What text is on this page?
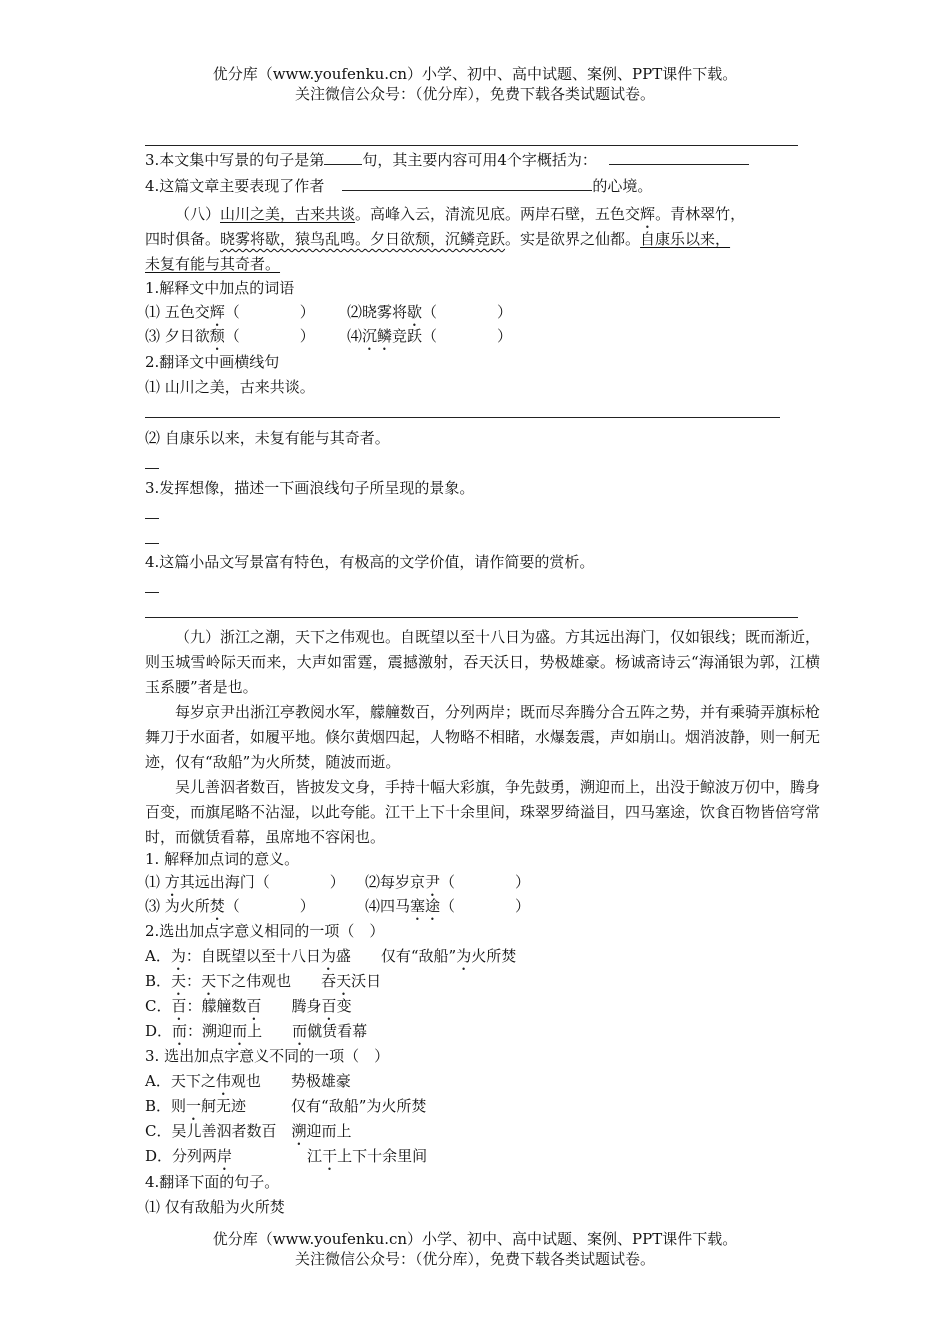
优分库（www.youfenku.cn）小学、初中、高中试题、案例、PPT课件下载。
关注微信公众号：（优分库），免费下载各类试题试卷。
3.本文集中写景的句子是第	句，其主要内容可用4个字概括为：
4.这篇文章主要表现了作者	的心境。
（八）山川之美，古来共谈。高峰入云，清流见底。两岸石壁，五色交辉。青林翠竹，
四时俱备。晓雾将歇，猿鸟乱鸣。夕日欲颓，沉鳞竞跃。实是欲界之仙都。自康乐以来，
未复有能与其奇者。
1.解释文中加点的词语
⑴ 五色交辉（　　　　） ⑵晓雾将歇（　　　　）
⑶ 夕日欲颓（　　　　） ⑷沉鳞竞跃（　　　　）
2.翻译文中画横线句
⑴ 山川之美，古来共谈。
⑵ 自康乐以来，未复有能与其奇者。
3.发挥想像，描述一下画浪线句子所呈现的景象。
4.这篇小品文写景富有特色，有极高的文学价值，请作简要的赏析。
（九）浙江之潮，天下之伟观也。自既望以至十八日为盛。方其远出海门，仅如银线；既而渐近，则玉城雪岭际天而来，大声如雷霆，震撼激射，吞天沃日，势极雄豪。杨诚斋诗云“海涌银为郭，江横玉系腰”者是也。
每岁京尹出浙江亭教阅水军，艨艟数百，分列两岸；既而尽奔腾分合五阵之势，并有乘骑弄旗标枪舞刀于水面者，如履平地。倏尔黄烟四起，人物略不相睹，水爆轰震，声如崩山。烟消波静，则一舸无迹，仅有“敌船”为火所焚，随波而逝。
吴儿善泅者数百，皆披发文身，手持十幅大彩旗，争先鼓勇，溯迎而上，出没于鲸波万仞中，腾身百变，而旗尾略不沾湿，以此夸能。江干上下十余里间，珠翠罗绮溢目，四马塞途，饮食百物皆倍穹常时，而僦赁看幕，虽席地不容闲也。
1. 解释加点词的意义。
⑴ 方其远出海门（　　　　） ⑵每岁京尹（　　　　）
⑶ 为火所焚（　　　　）	⑷四马塞途（　　　　）
2.选出加点字意义相同的一项（　）
A．为：自既望以至十八日为盛　　仅有“敌船”为火所焚
B．天：天下之伟观也　　吞天沃日
C．百：艨艟数百　　腾身百变
D．而：溯迎而上　　而僦赁看幕
3. 选出加点字意义不同的一项（　）
A．天下之伟观也　　势极雄豪
B．则一舸无迹　　　仅有“敌船”为火所焚
C．吴儿善泅者数百　溯迎而上
D．分列两岸　　　　　江干上下十余里间
4.翻译下面的句子。
⑴ 仅有敌船为火所焚
优分库（www.youfenku.cn）小学、初中、高中试题、案例、PPT课件下载。
关注微信公众号：（优分库），免费下载各类试题试卷。
